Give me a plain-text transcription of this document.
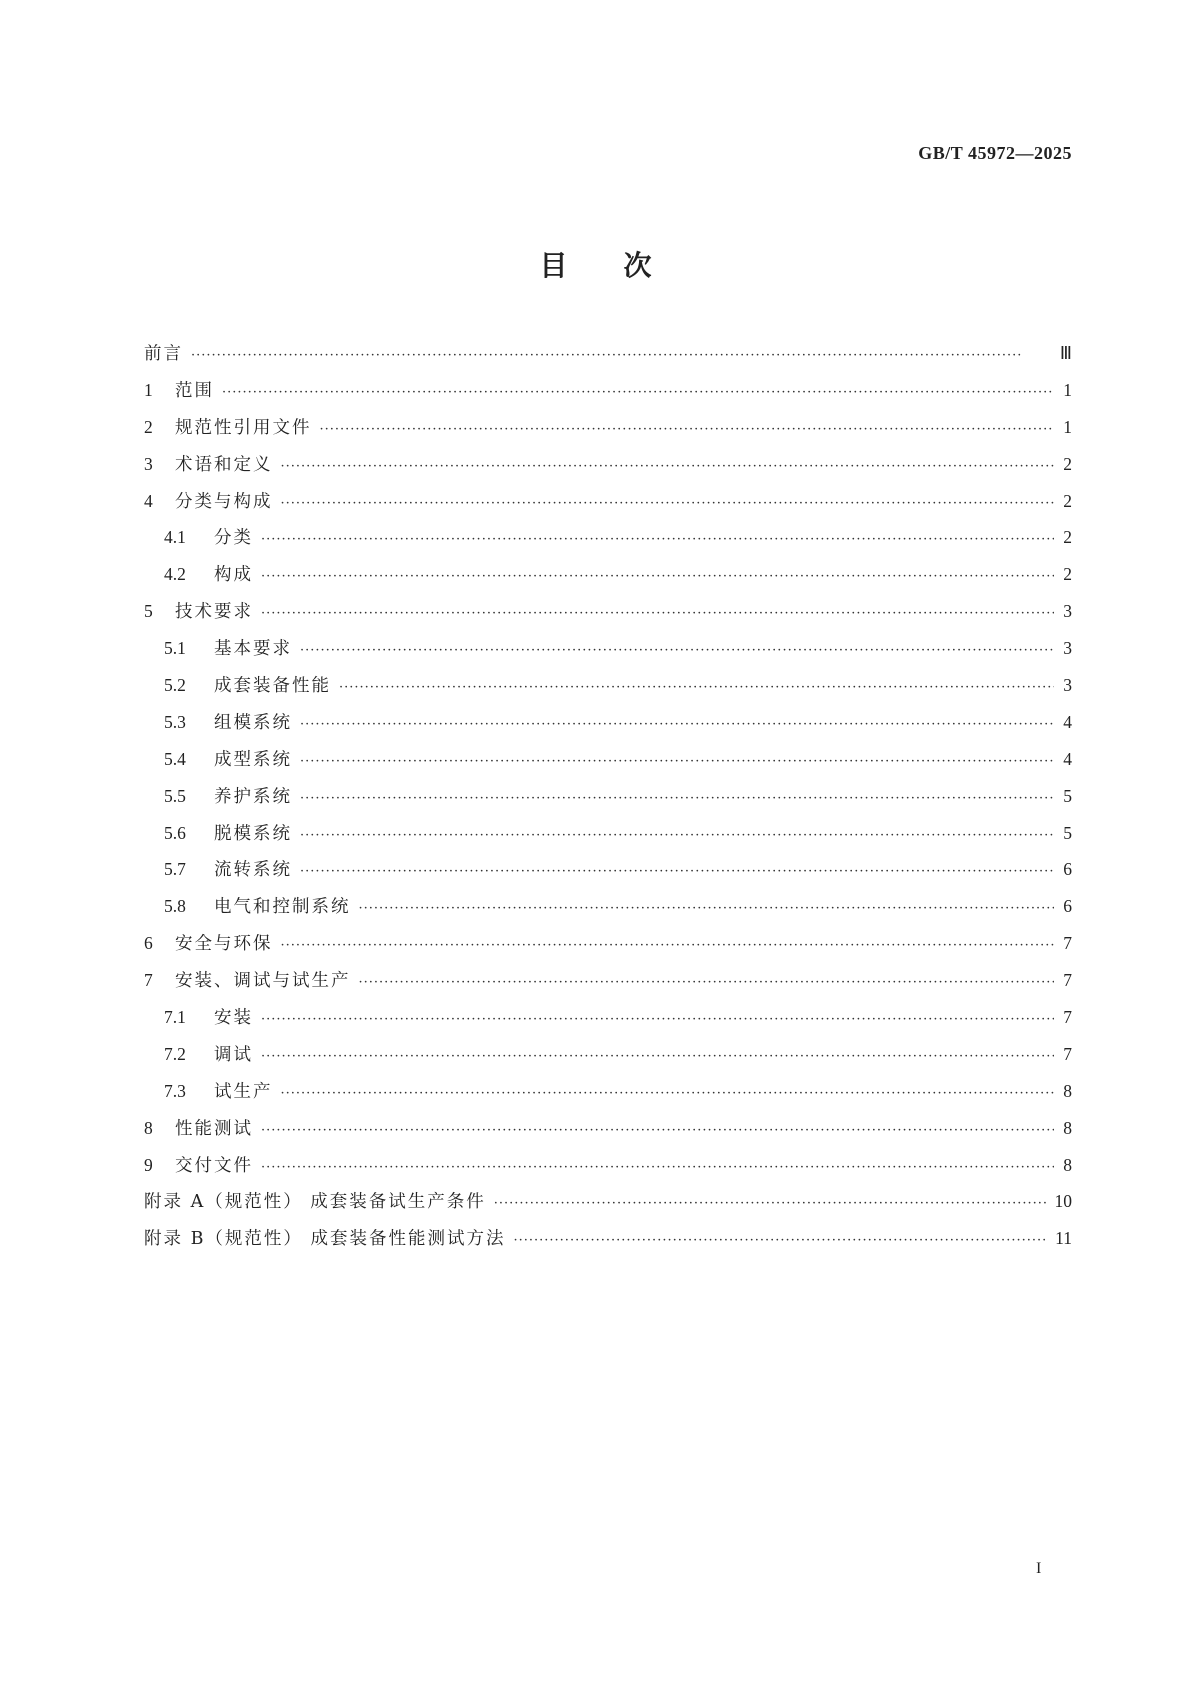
GB/T 45972—2025
目次
前言 ·····	Ⅲ
1	范围 ·····	1
2	规范性引用文件 ·····	1
3	术语和定义 ·····	2
4	分类与构成 ·····	2
4.1	分类 ·····	2
4.2	构成 ·····	2
5	技术要求 ·····	3
5.1	基本要求 ·····	3
5.2	成套装备性能 ·····	3
5.3	组模系统 ·····	4
5.4	成型系统 ·····	4
5.5	养护系统 ·····	5
5.6	脱模系统 ·····	5
5.7	流转系统 ·····	6
5.8	电气和控制系统 ·····	6
6	安全与环保 ·····	7
7	安装、调试与试生产 ·····	7
7.1	安装 ·····	7
7.2	调试 ·····	7
7.3	试生产 ·····	8
8	性能测试 ·····	8
9	交付文件 ·····	8
附录 A（规范性） 成套装备试生产条件 ·····	10
附录 B（规范性） 成套装备性能测试方法 ·····	11
I
